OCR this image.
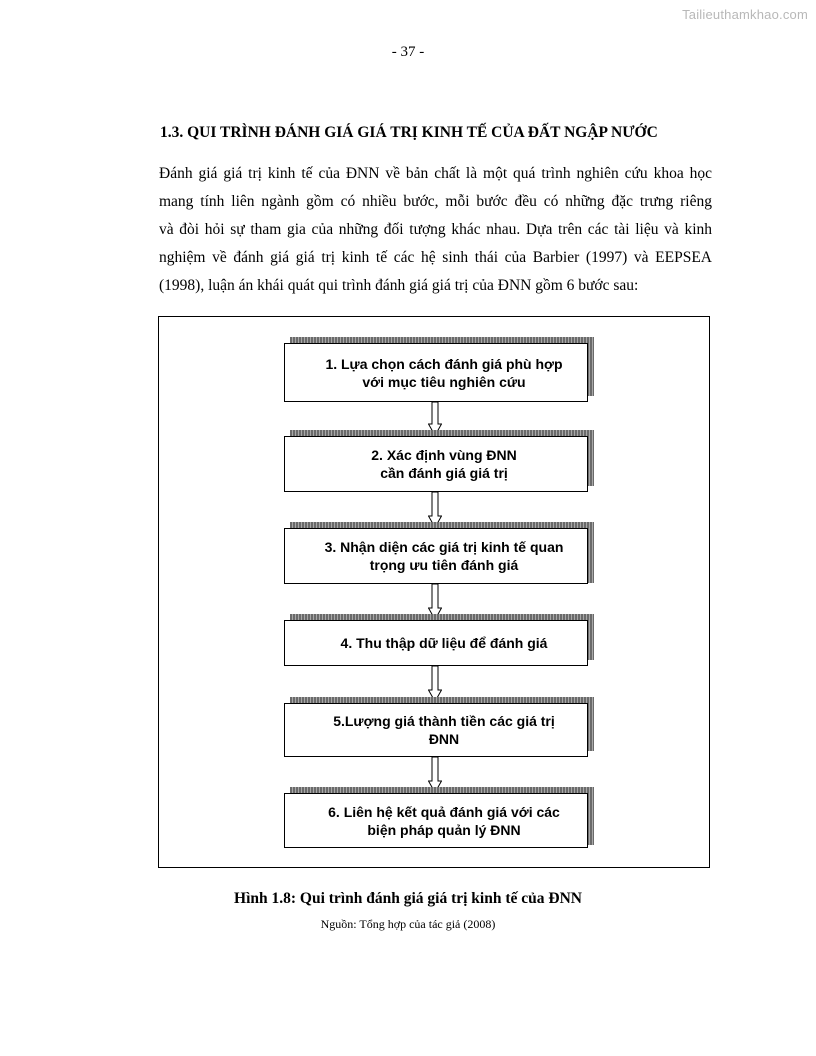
Tailieuthamkhao.com
- 37 -
1.3. QUI TRÌNH ĐÁNH GIÁ GIÁ TRỊ KINH TẾ CỦA ĐẤT NGẬP NƯỚC
Đánh giá giá trị kinh tế của ĐNN về bản chất là một quá trình nghiên cứu khoa học
mang tính liên ngành gồm có nhiều bước, mỗi bước đều có những đặc trưng riêng
và đòi hỏi sự tham gia của những đối tượng khác nhau. Dựa trên các tài liệu và kinh
nghiệm về đánh giá giá trị kinh tế các hệ sinh thái của Barbier (1997) và EEPSEA
(1998), luận án khái quát qui trình đánh giá giá trị của ĐNN gồm 6 bước sau:
1. Lựa chọn cách đánh giá phù hợp
với mục tiêu nghiên cứu
2. Xác định vùng ĐNN
cần đánh giá giá trị
3. Nhận diện các giá trị kinh tế quan
trọng ưu tiên đánh giá
4. Thu thập dữ liệu để đánh giá
5.Lượng giá thành tiền các giá trị
ĐNN
6. Liên hệ kết quả đánh giá với các
biện pháp quản lý ĐNN
Hình 1.8: Qui trình đánh giá giá trị kinh tế của ĐNN
Nguồn: Tổng hợp của tác giả (2008)
